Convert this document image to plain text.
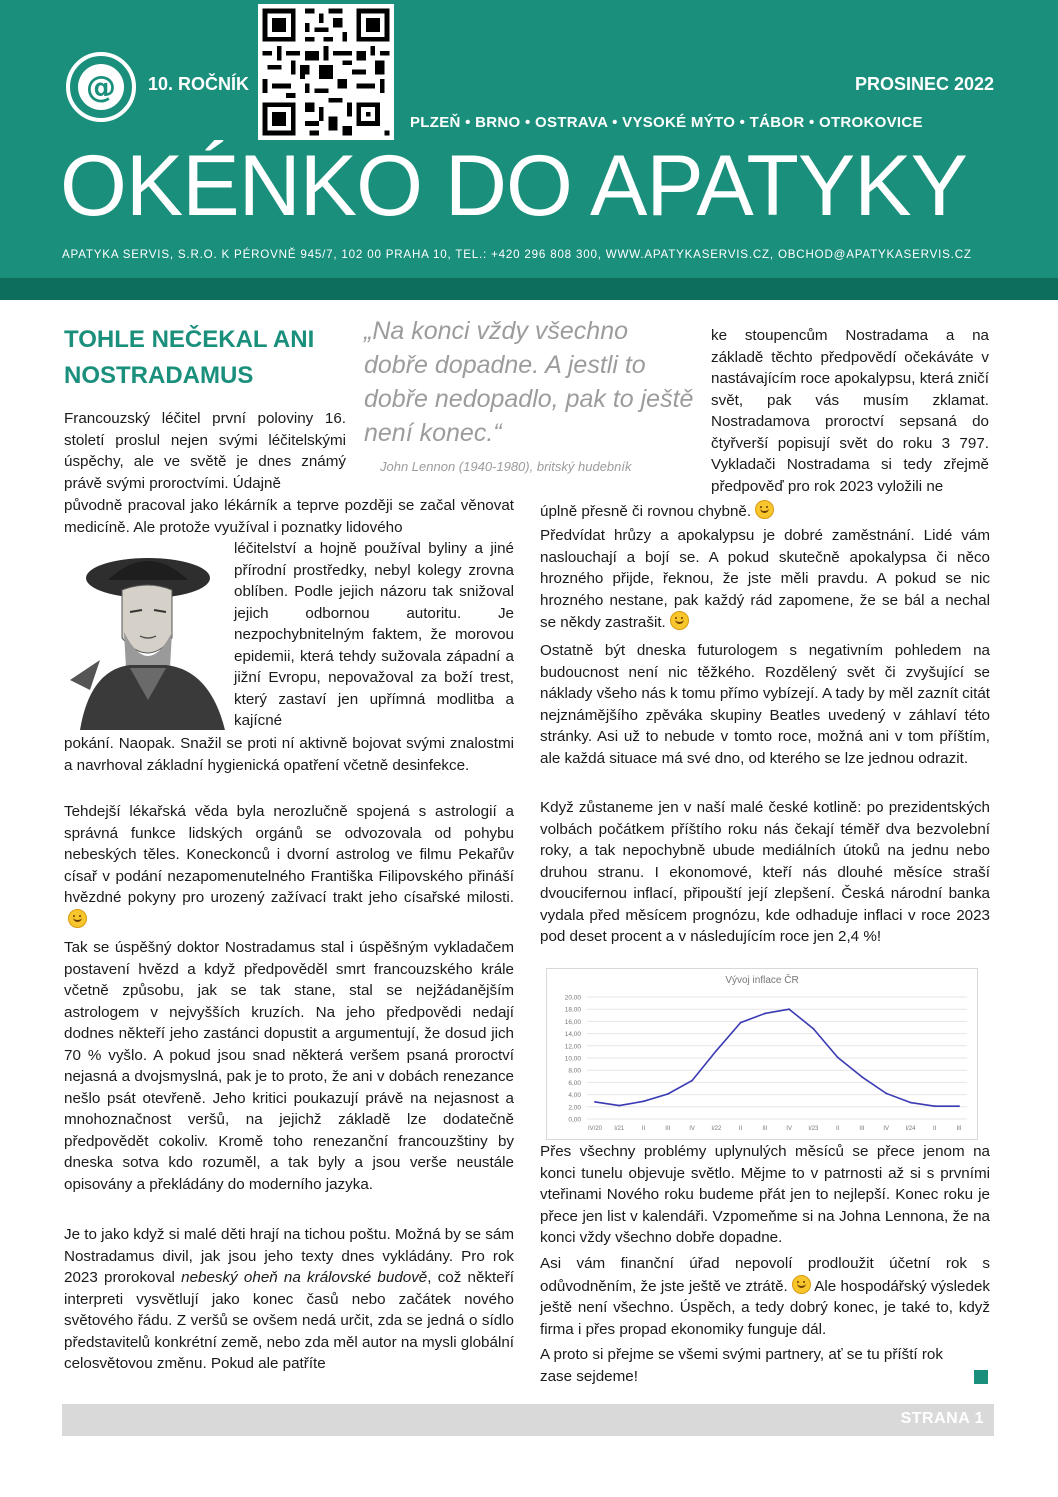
@	10. ROČNÍK	PROSINEC 2022
PLZEŇ • BRNO • OSTRAVA • VYSOKÉ MÝTO • TÁBOR • OTROKOVICE
OKÉNKO DO APATYKY
APATYKA SERVIS, S.R.O. K PÉROVNĚ 945/7, 102 00 PRAHA 10, TEL.: +420 296 808 300, WWW.APATYKASERVIS.CZ, OBCHOD@APATYKASERVIS.CZ
TOHLE NEČEKAL ANI NOSTRADAMUS
Francouzský léčitel první poloviny 16. století proslul nejen svými léčitelskými úspěchy, ale ve světě je dnes známý právě svými proroctvími. Údajně
původně pracoval jako lékárník a teprve později se začal věnovat medicíně. Ale protože využíval i poznatky lidového
léčitelství a hojně používal byliny a jiné přírodní prostředky, nebyl kolegy zrovna oblíben. Podle jejich názoru tak snižoval jejich odbornou autoritu. Je nezpochybnitelným faktem, že morovou epidemii, která tehdy sužovala západní a jižní Evropu, nepovažoval za boží trest, který zastaví jen upřímná modlitba a kajícné
pokání. Naopak. Snažil se proti ní aktivně bojovat svými znalostmi a navrhoval základní hygienická opatření včetně desinfekce.
Tehdejší lékařská věda byla nerozlučně spojená s astrologií a správná funkce lidských orgánů se odvozovala od pohybu nebeských těles. Koneckonců i dvorní astrolog ve filmu Pekařův císař v podání nezapomenutelného Františka Filipovského přináší hvězdné pokyny pro urozený zažívací trakt jeho císařské milosti.
Tak se úspěšný doktor Nostradamus stal i úspěšným vykladačem postavení hvězd a když předpověděl smrt francouzského krále včetně způsobu, jak se tak stane, stal se nejžádanějším astrologem v nejvyšších kruzích. Na jeho předpovědi nedají dodnes někteří jeho zastánci dopustit a argumentují, že dosud jich 70 % vyšlo. A pokud jsou snad některá veršem psaná proroctví nejasná a dvojsmyslná, pak je to proto, že ani v dobách renezance nešlo psát otevřeně. Jeho kritici poukazují právě na nejasnost a mnohoznačnost veršů, na jejichž základě lze dodatečně předpovědět cokoliv. Kromě toho renezanční francouzštiny by dneska sotva kdo rozuměl, a tak byly a jsou verše neustále opisovány a překládány do moderního jazyka.
Je to jako když si malé děti hrají na tichou poštu. Možná by se sám Nostradamus divil, jak jsou jeho texty dnes vykládány. Pro rok 2023 prorokoval nebeský oheň na královské budově, což někteří interpreti vysvětlují jako konec časů nebo začátek nového světového řádu. Z veršů se ovšem nedá určit, zda se jedná o sídlo představitelů konkrétní země, nebo zda měl autor na mysli globální celosvětovou změnu. Pokud ale patříte
„Na konci vždy všechno dobře dopadne. A jestli to dobře nedopadlo, pak to ještě není konec.“
John Lennon (1940-1980), britský hudebník
ke stoupencům Nostradama a na základě těchto předpovědí očekáváte v nastávajícím roce apokalypsu, která zničí svět, pak vás musím zklamat. Nostradamova proroctví sepsaná do čtyřverší popisují svět do roku 3 797. Vykladači Nostradama si tedy zřejmě předpověď pro rok 2023 vyložili ne
úplně přesně či rovnou chybně.
Předvídat hrůzy a apokalypsu je dobré zaměstnání. Lidé vám naslouchají a bojí se. A pokud skutečně apokalypsa či něco hrozného přijde, řeknou, že jste měli pravdu. A pokud se nic hrozného nestane, pak každý rád zapomene, že se bál a nechal se někdy zastrašit.
Ostatně být dneska futurologem s negativním pohledem na budoucnost není nic těžkého. Rozdělený svět či zvyšující se náklady všeho nás k tomu přímo vybízejí. A tady by měl zaznít citát nejznámějšího zpěváka skupiny Beatles uvedený v záhlaví této stránky. Asi už to nebude v tomto roce, možná ani v tom příštím, ale každá situace má své dno, od kterého se lze jednou odrazit.
Když zůstaneme jen v naší malé české kotlině: po prezidentských volbách počátkem příštího roku nás čekají téměř dva bezvolební roky, a tak nepochybně ubude mediálních útoků na jednu nebo druhou stranu. I ekonomové, kteří nás dlouhé měsíce straší dvoucifernou inflací, připouští její zlepšení. Česká národní banka vydala před měsícem prognózu, kde odhaduje inflaci v roce 2023 pod deset procent a v následujícím roce jen 2,4 %!
Vývoj inflace ČR
0,00
2,00
4,00
6,00
8,00
10,00
12,00
14,00
16,00
18,00
20,00
IV/20 I/21	II	III	IV	I/22	II	III	IV	I/23	II	III	IV	I/24	II	III
Přes všechny problémy uplynulých měsíců se přece jenom na konci tunelu objevuje světlo. Mějme to v patrnosti až si s prvními vteřinami Nového roku budeme přát jen to nejlepší. Konec roku je přece jen list v kalendáři. Vzpomeňme si na Johna Lennona, že na konci vždy všechno dobře dopadne.
Asi vám finanční úřad nepovolí prodloužit účetní rok s odůvodněním, že jste ještě ve ztrátě. Ale hospodářský výsledek ještě není všechno. Úspěch, a tedy dobrý konec, je také to, když firma i přes propad ekonomiky funguje dál.
A proto si přejme se všemi svými partnery, ať se tu příští rok zase sejdeme!
STRANA 1
